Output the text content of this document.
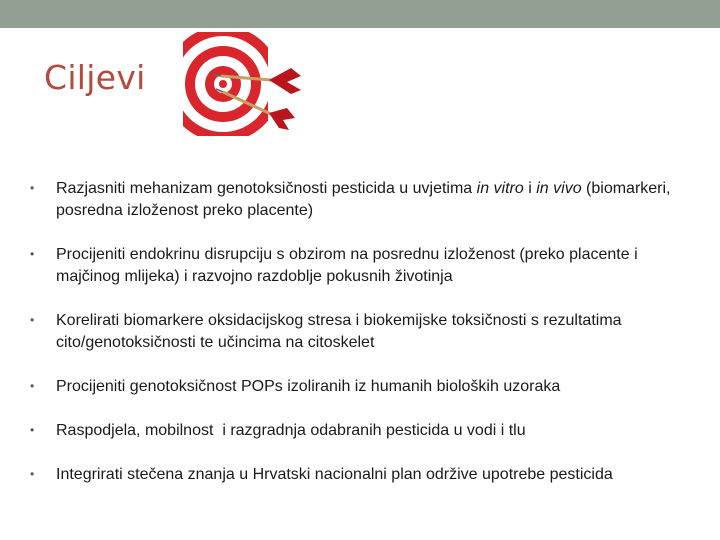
Ciljevi
• Razjasniti mehanizam genotoksičnosti pesticida u uvjetima in vitro i in vivo (biomarkeri, posredna izloženost preko placente)
• Procijeniti endokrinu disrupciju s obzirom na posrednu izloženost (preko placente i majčinog mlijeka) i razvojno razdoblje pokusnih životinja
• Korelirati biomarkere oksidacijskog stresa i biokemijske toksičnosti s rezultatima cito/genotoksičnosti te učincima na citoskelet
• Procijeniti genotoksičnost POPs izoliranih iz humanih bioloških uzoraka
• Raspodjela, mobilnost  i razgradnja odabranih pesticida u vodi i tlu
• Integrirati stečena znanja u Hrvatski nacionalni plan održive upotrebe pesticida
